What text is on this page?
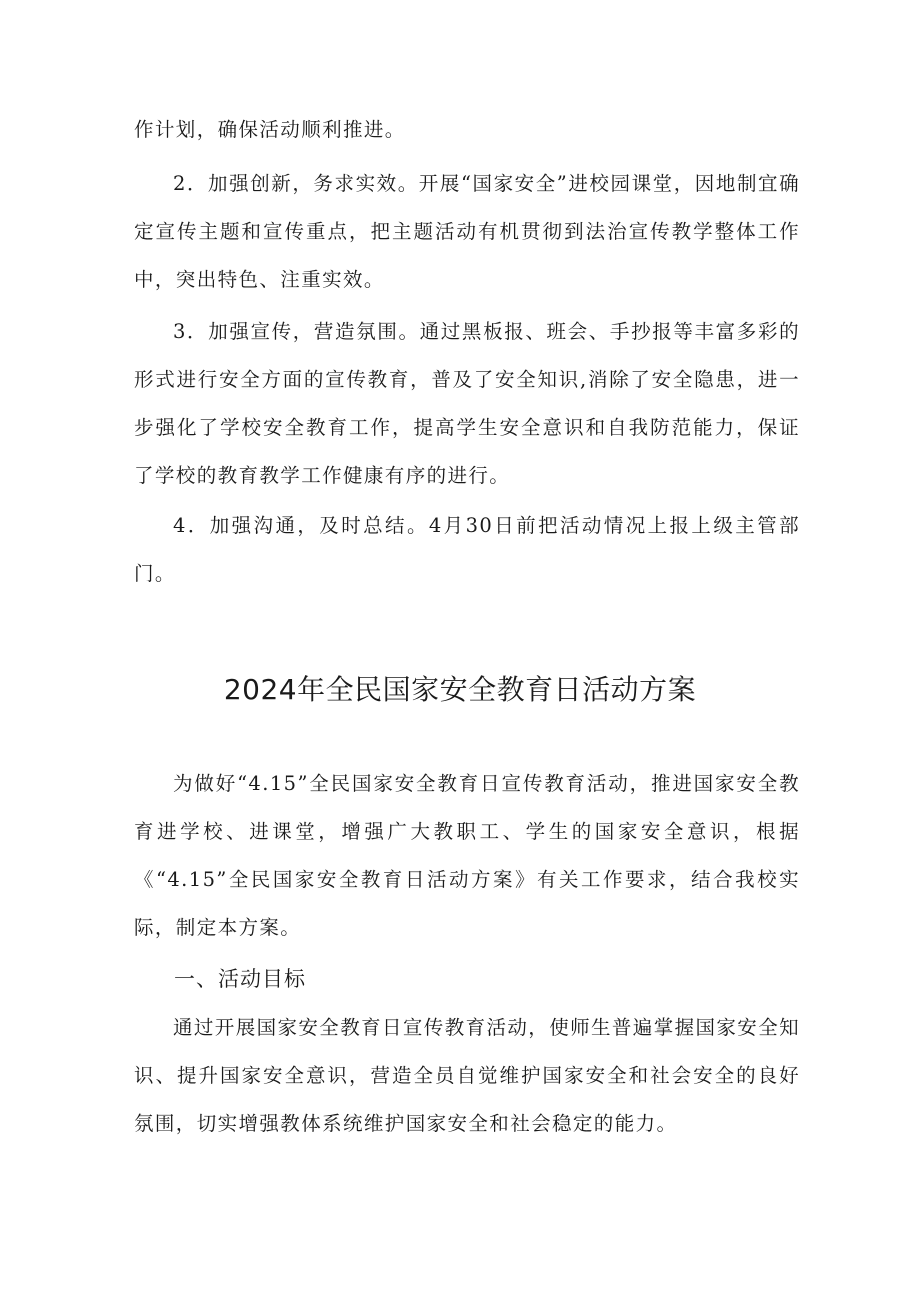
作计划，确保活动顺利推进。

2．加强创新，务求实效。开展“国家安全”进校园课堂，因地制宜确定宣传主题和宣传重点，把主题活动有机贯彻到法治宣传教学整体工作中，突出特色、注重实效。

3．加强宣传，营造氛围。通过黑板报、班会、手抄报等丰富多彩的形式进行安全方面的宣传教育，普及了安全知识,消除了安全隐患，进一步强化了学校安全教育工作，提高学生安全意识和自我防范能力，保证了学校的教育教学工作健康有序的进行。

4．加强沟通，及时总结。4月30日前把活动情况上报上级主管部门。

2024年全民国家安全教育日活动方案

为做好“4.15”全民国家安全教育日宣传教育活动，推进国家安全教育进学校、进课堂，增强广大教职工、学生的国家安全意识，根据《“4.15”全民国家安全教育日活动方案》有关工作要求，结合我校实际，制定本方案。

一、活动目标

通过开展国家安全教育日宣传教育活动，使师生普遍掌握国家安全知识、提升国家安全意识，营造全员自觉维护国家安全和社会安全的良好氛围，切实增强教体系统维护国家安全和社会稳定的能力。
